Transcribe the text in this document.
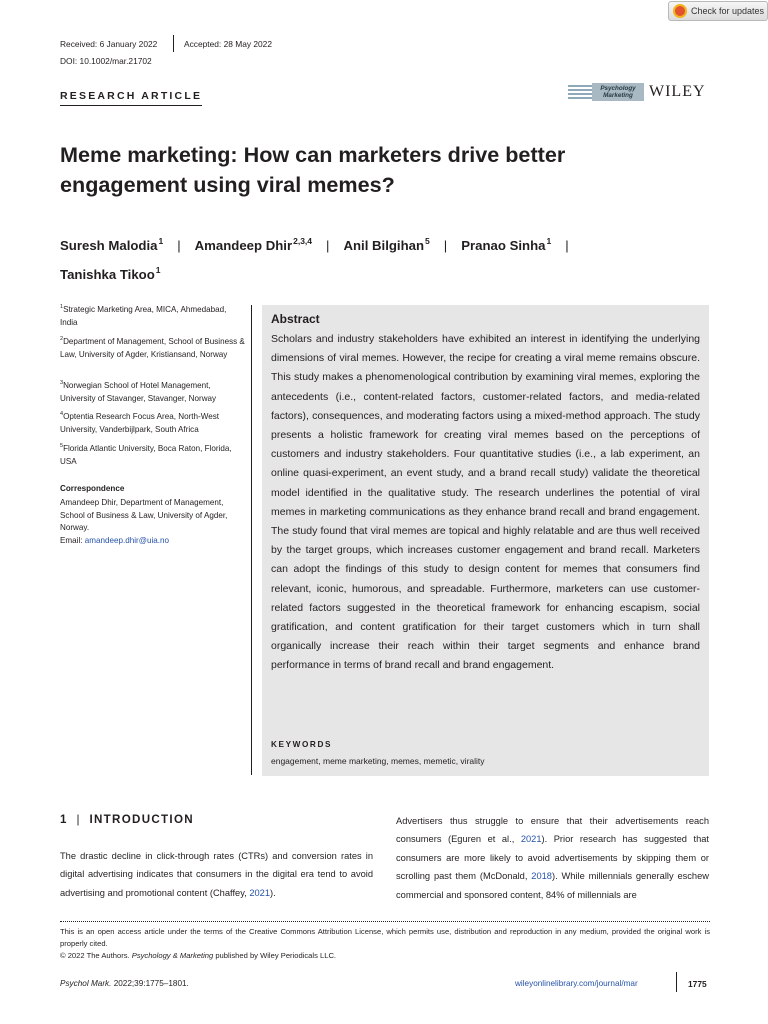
Check for updates
Received: 6 January 2022	Accepted: 28 May 2022
DOI: 10.1002/mar.21702
RESEARCH ARTICLE
Psychology
Marketing WILEY
Meme marketing: How can marketers drive better engagement using viral memes?
Suresh Malodia$^1$ | Amandeep Dhir$^{2,3,4}$ | Anil Bilgihan$^5$ | Pranao Sinha$^1$ |
Tanishka Tikoo$^1$
$^1$Strategic Marketing Area, MICA, Ahmedabad, India
$^2$Department of Management, School of Business & Law, University of Agder, Kristiansand, Norway
$^3$Norwegian School of Hotel Management, University of Stavanger, Stavanger, Norway
$^4$Optentia Research Focus Area, North-West University, Vanderbijlpark, South Africa
$^5$Florida Atlantic University, Boca Raton, Florida, USA
Correspondence
Amandeep Dhir, Department of Management, School of Business & Law, University of Agder, Norway.
Email: amandeep.dhir@uia.no
Abstract
Scholars and industry stakeholders have exhibited an interest in identifying the underlying dimensions of viral memes. However, the recipe for creating a viral meme remains obscure. This study makes a phenomenological contribution by examining viral memes, exploring the antecedents (i.e., content-related factors, customer-related factors, and media-related factors), consequences, and moderating factors using a mixed-method approach. The study presents a holistic framework for creating viral memes based on the perceptions of customers and industry stakeholders. Four quantitative studies (i.e., a lab experiment, an online quasi-experiment, an event study, and a brand recall study) validate the theoretical model identified in the qualitative study. The research underlines the potential of viral memes in marketing communications as they enhance brand recall and brand engagement. The study found that viral memes are topical and highly relatable and are thus well received by the target groups, which increases customer engagement and brand recall. Marketers can adopt the findings of this study to design content for memes that consumers find relevant, iconic, humorous, and spreadable. Furthermore, marketers can use customer-related factors suggested in the theoretical framework for enhancing escapism, social gratification, and content gratification for their target customers which in turn shall organically increase their reach within their target segments and enhance brand performance in terms of brand recall and brand engagement.
KEYWORDS
engagement, meme marketing, memes, memetic, virality
1 | INTRODUCTION
The drastic decline in click-through rates (CTRs) and conversion rates in digital advertising indicates that consumers in the digital era tend to avoid advertising and promotional content (Chaffey, 2021).
Advertisers thus struggle to ensure that their advertisements reach consumers (Eguren et al., 2021). Prior research has suggested that consumers are more likely to avoid advertisements by skipping them or scrolling past them (McDonald, 2018). While millennials generally eschew commercial and sponsored content, 84% of millennials are
This is an open access article under the terms of the Creative Commons Attribution License, which permits use, distribution and reproduction in any medium, provided the original work is properly cited.
© 2022 The Authors. Psychology & Marketing published by Wiley Periodicals LLC.
Psychol Mark. 2022;39:1775–1801.	wileyonlinelibrary.com/journal/mar	1775
